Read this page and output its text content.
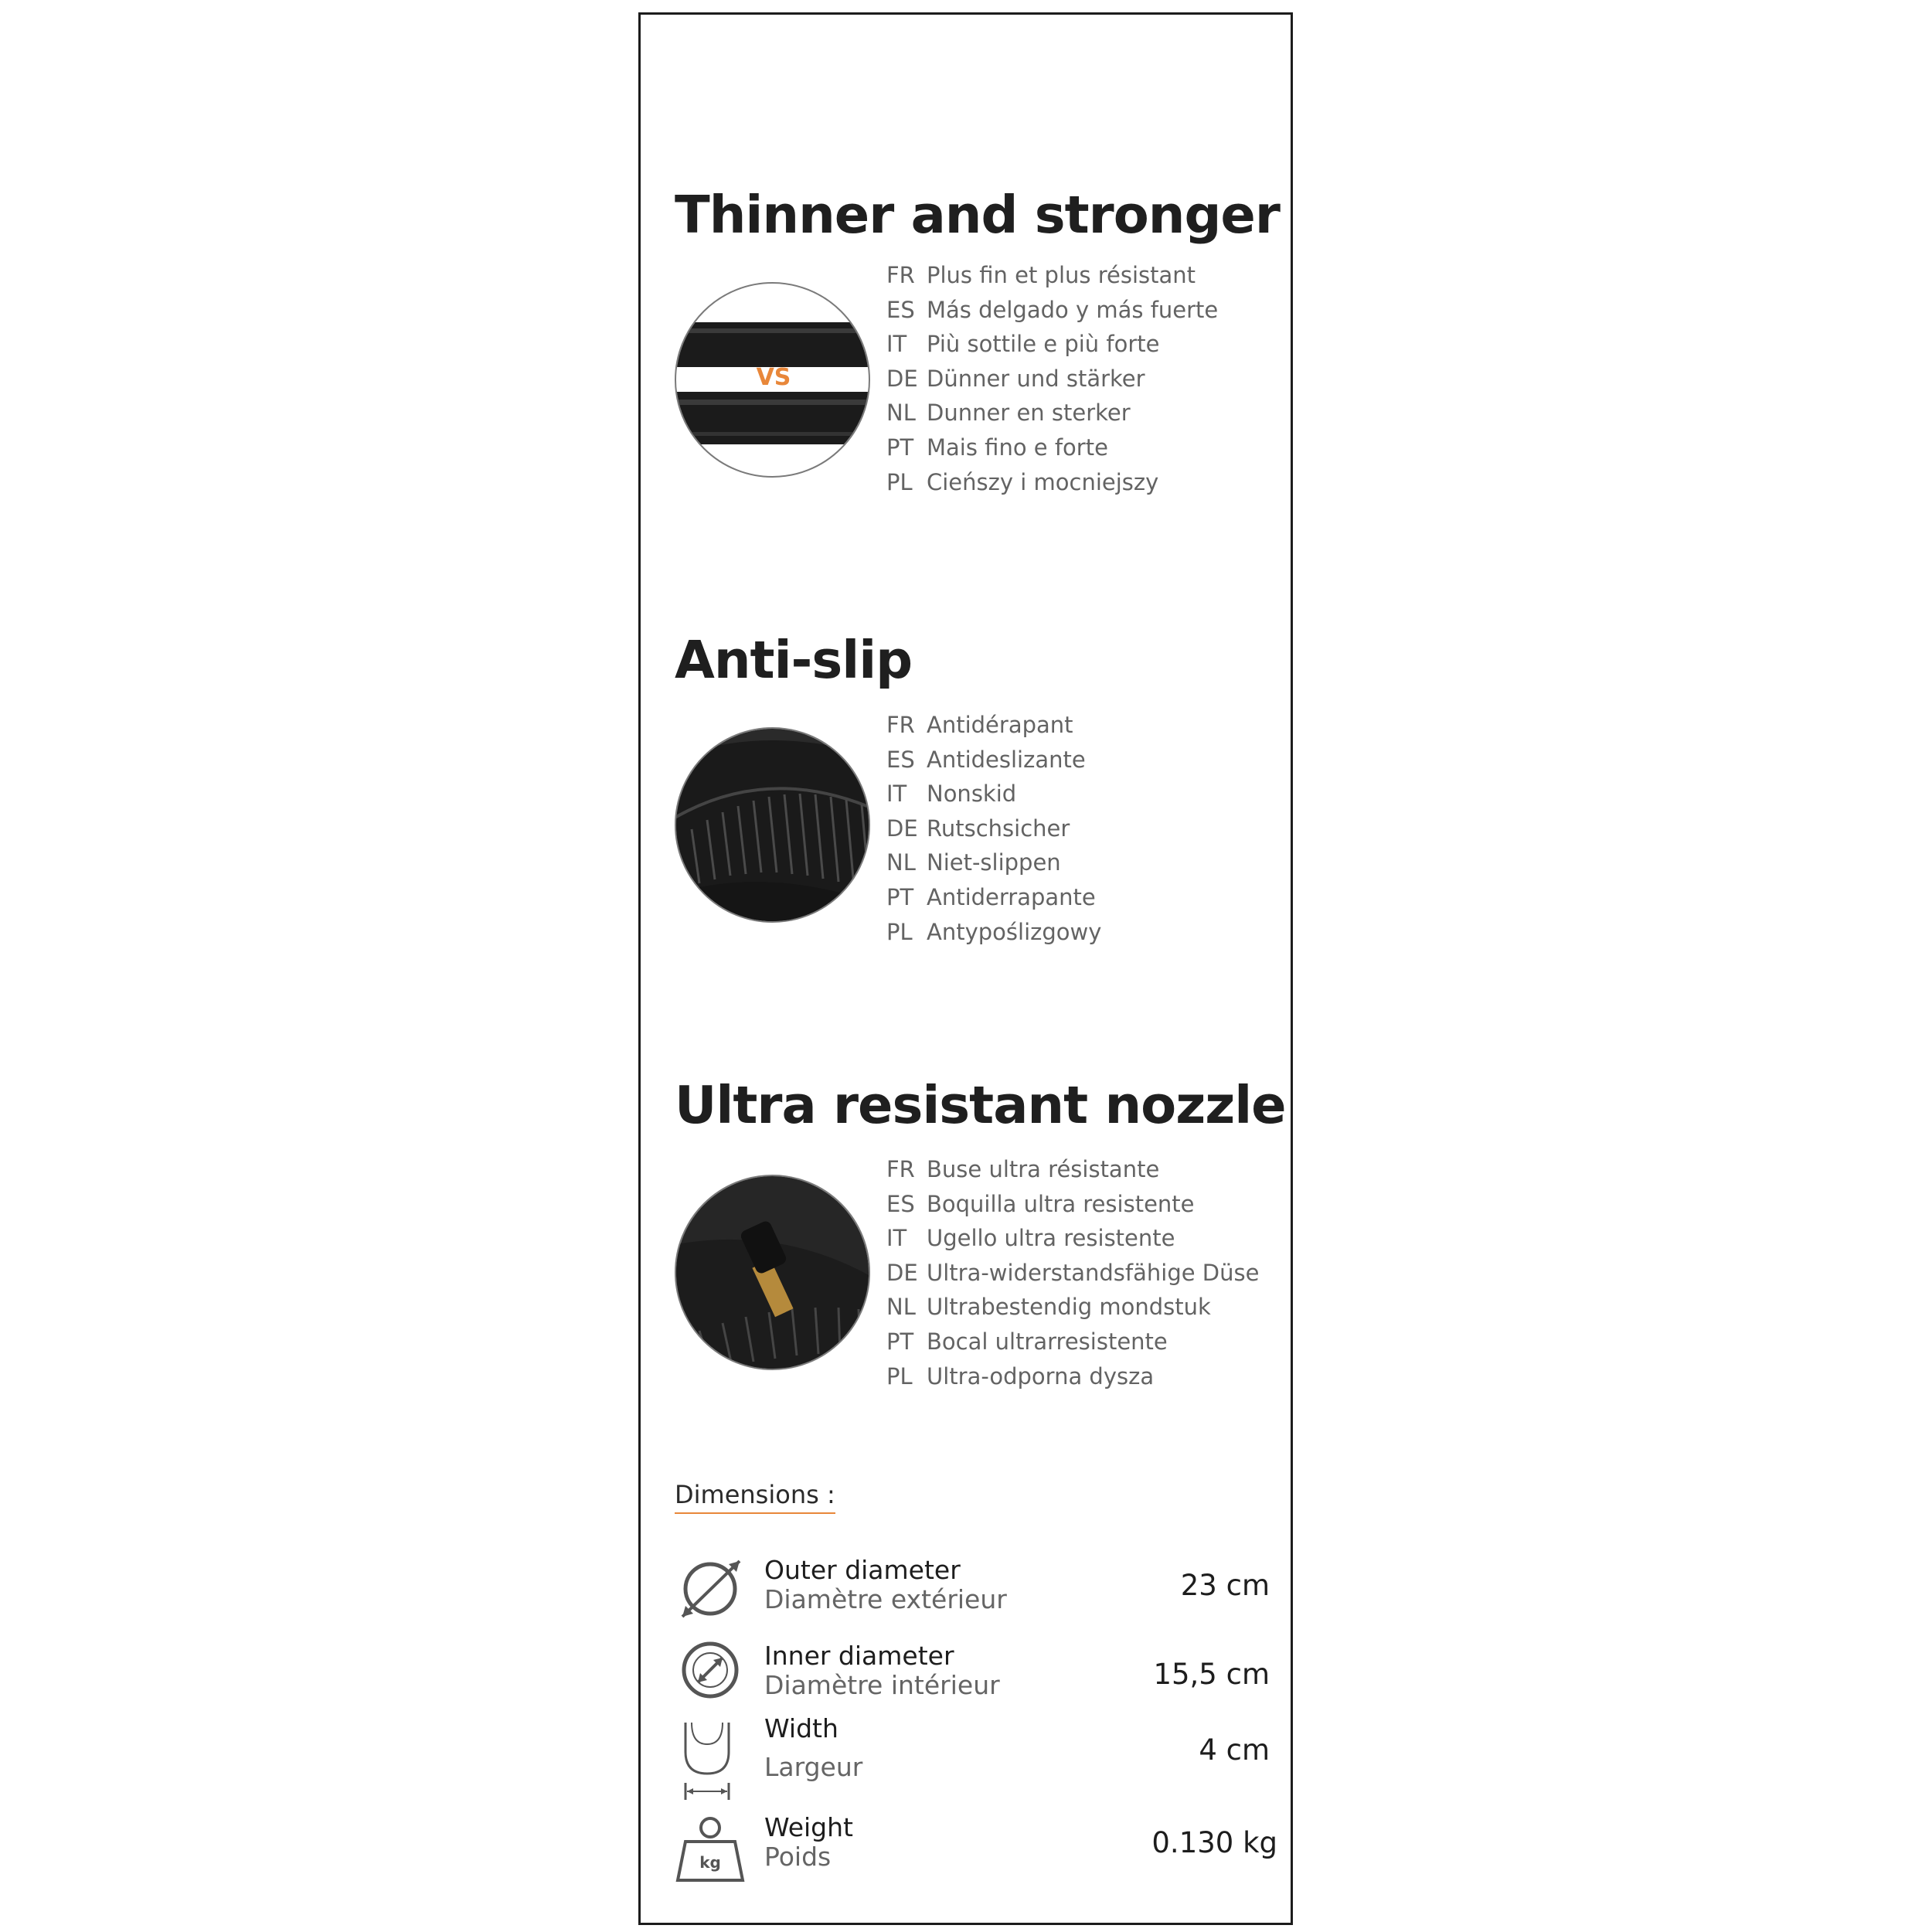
Thinner and stronger
VS
FR Plus fin et plus résistant
ES Más delgado y más fuerte
IT Più sottile e più forte
DE Dünner und stärker
NL Dunner en sterker
PT Mais fino e forte
PL Cieńszy i mocniejszy
Anti-slip
FR Antidérapant
ES Antideslizante
IT Nonskid
DE Rutschsicher
NL Niet-slippen
PT Antiderrapante
PL Antypoślizgowy
Ultra resistant nozzle
FR Buse ultra résistante
ES Boquilla ultra resistente
IT Ugello ultra resistente
DE Ultra-widerstandsfähige Düse
NL Ultrabestendig mondstuk
PT Bocal ultrarresistente
PL Ultra-odporna dysza
Dimensions :
Outer diameter
Diamètre extérieur	23 cm
Inner diameter
Diamètre intérieur	15,5 cm
Width
Largeur
4 cm
kg
Weight
Poids	0.130 kg
